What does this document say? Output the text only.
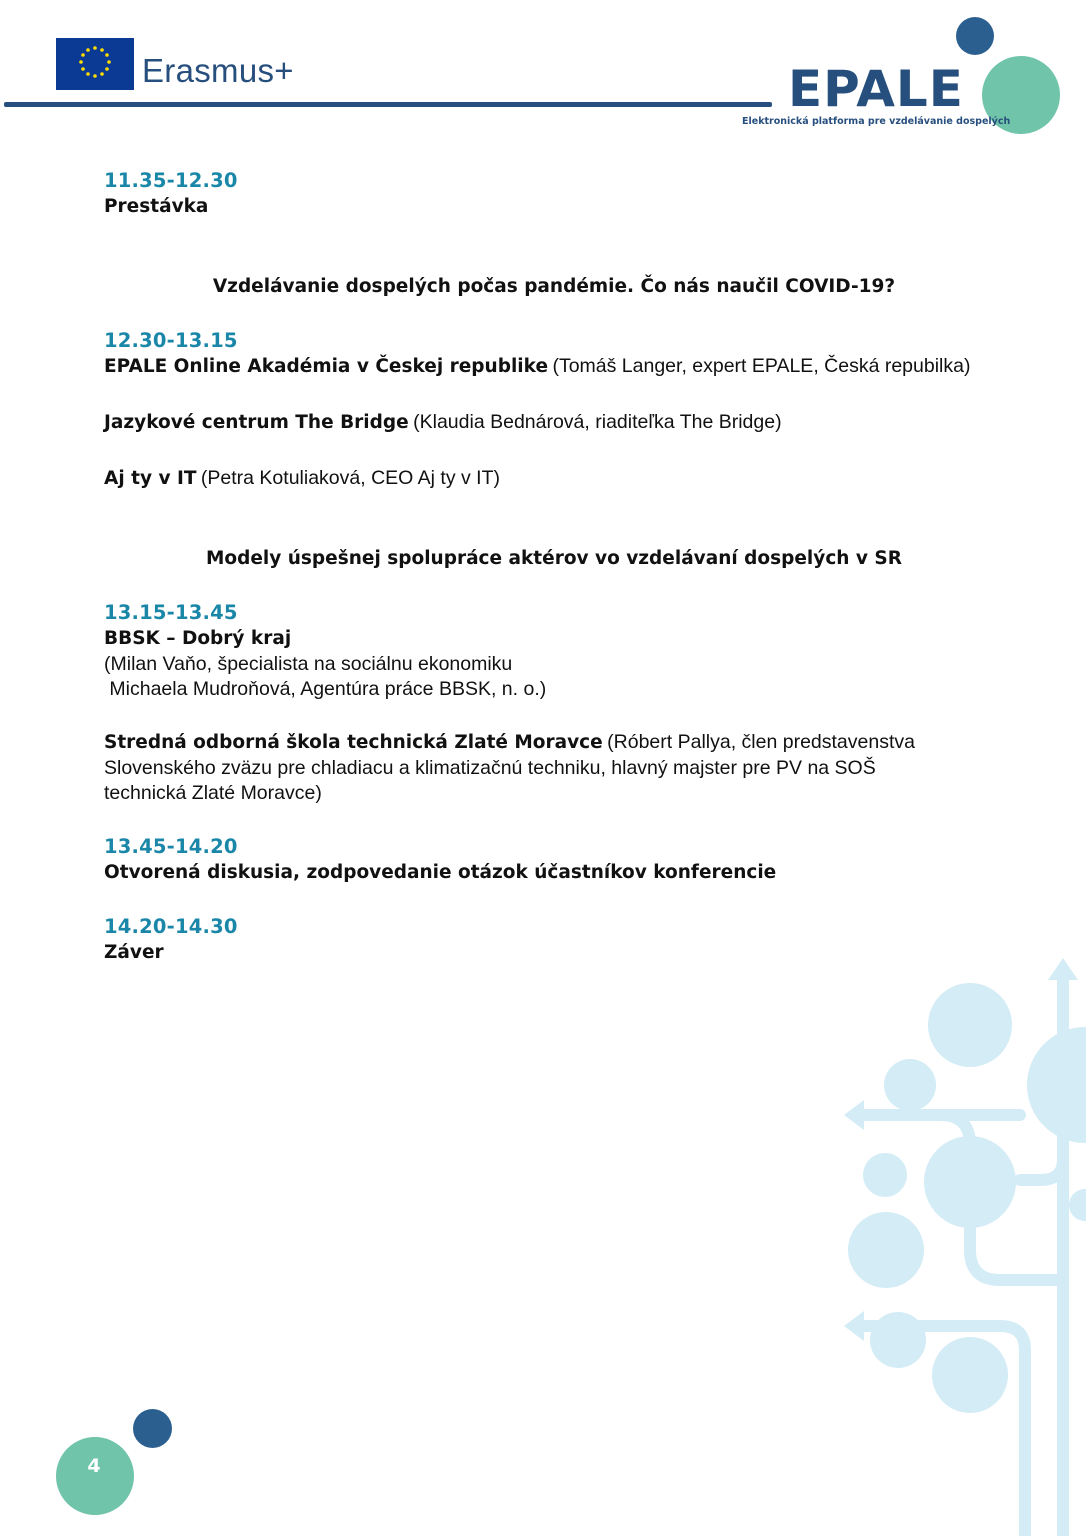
Erasmus+	EPALE
Elektronická platforma pre vzdelávanie dospelých
11.35-12.30
Prestávka
Vzdelávanie dospelých počas pandémie. Čo nás naučil COVID-19?
12.30-13.15
EPALE Online Akadémia v Českej republike (Tomáš Langer, expert EPALE, Česká repubilka)
Jazykové centrum The Bridge (Klaudia Bednárová, riaditeľka The Bridge)
Aj ty v IT (Petra Kotuliaková, CEO Aj ty v IT)
Modely úspešnej spolupráce aktérov vo vzdelávaní dospelých v SR
13.15-13.45
BBSK – Dobrý kraj
(Milan Vaňo, špecialista na sociálnu ekonomiku
Michaela Mudroňová, Agentúra práce BBSK, n. o.)
Stredná odborná škola technická Zlaté Moravce (Róbert Pallya, člen predstavenstva
Slovenského zväzu pre chladiacu a klimatizačnú techniku, hlavný majster pre PV na SOŠ
technická Zlaté Moravce)
13.45-14.20
Otvorená diskusia, zodpovedanie otázok účastníkov konferencie
14.20-14.30
Záver
4
